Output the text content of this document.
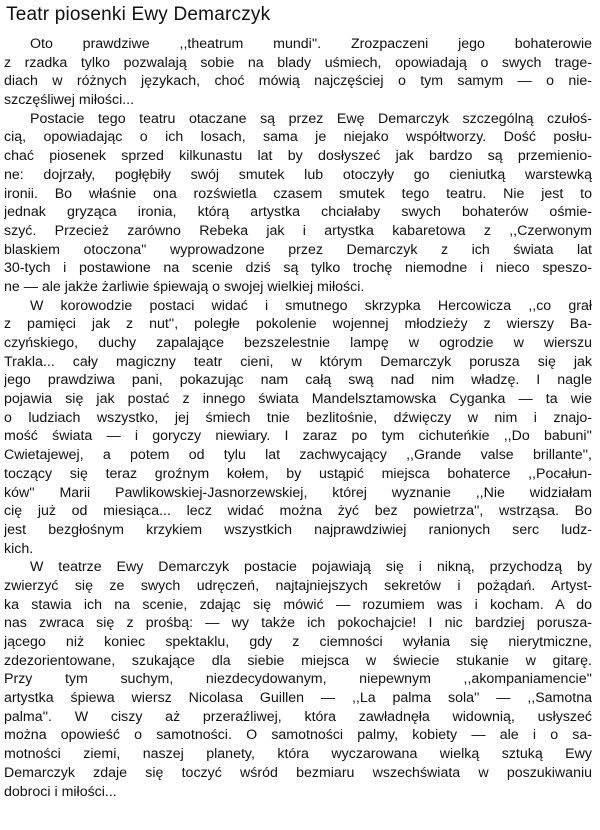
Teatr piosenki Ewy Demarczyk
Oto prawdziwe ,,theatrum mundi''. Zrozpaczeni jego bohaterowie
z rzadka tylko pozwalają sobie na blady uśmiech, opowiadają o swych trage-
diach w różnych językach, choć mówią najczęściej o tym samym — o nie-
szczęśliwej miłości...
Postacie tego teatru otaczane są przez Ewę Demarczyk szczególną czułoś-
cią, opowiadając o ich losach, sama je niejako współtworzy. Dość posłu-
chać piosenek sprzed kilkunastu lat by dosłyszeć jak bardzo są przemienio-
ne: dojrzały, pogłębiły swój smutek lub otoczyły go cieniutką warstewką
ironii. Bo właśnie ona rozświetla czasem smutek tego teatru. Nie jest to
jednak gryząca ironia, którą artystka chciałaby swych bohaterów ośmie-
szyć. Przecież zarówno Rebeka jak i artystka kabaretowa z ,,Czerwonym
blaskiem otoczona'' wyprowadzone przez Demarczyk z ich świata lat
30-tych i postawione na scenie dziś są tylko trochę niemodne i nieco speszo-
ne — ale jakże żarliwie śpiewają o swojej wielkiej miłości.
W korowodzie postaci widać i smutnego skrzypka Hercowicza ,,co grał
z pamięci jak z nut'', poległe pokolenie wojennej młodzieży z wierszy Ba-
czyńskiego, duchy zapalające bezszelestnie lampę w ogrodzie w wierszu
Trakla... cały magiczny teatr cieni, w którym Demarczyk porusza się jak
jego prawdziwa pani, pokazując nam całą swą nad nim władzę. I nagle
pojawia się jak postać z innego świata Mandelsztamowska Cyganka — ta wie
o ludziach wszystko, jej śmiech tnie bezlitośnie, dźwięczy w nim i znajo-
mość świata — i goryczy niewiary. I zaraz po tym cichuteńkie ,,Do babuni''
Cwietajewej, a potem od tylu lat zachwycający ,,Grande valse brillante'',
toczący się teraz groźnym kołem, by ustąpić miejsca bohaterce ,,Pocałun-
ków'' Marii Pawlikowskiej-Jasnorzewskiej, której wyznanie ,,Nie widziałam
cię już od miesiąca... lecz widać można żyć bez powietrza'', wstrząsa. Bo
jest bezgłośnym krzykiem wszystkich najprawdziwiej ranionych serc ludz-
kich.
W teatrze Ewy Demarczyk postacie pojawiają się i nikną, przychodzą by
zwierzyć się ze swych udręczeń, najtajniejszych sekretów i pożądań. Artyst-
ka stawia ich na scenie, zdając się mówić — rozumiem was i kocham. A do
nas zwraca się z prośbą: — wy także ich pokochajcie! I nic bardziej porusza-
jącego niż koniec spektaklu, gdy z ciemności wyłania się nierytmiczne,
zdezorientowane, szukające dla siebie miejsca w świecie stukanie w gitarę.
Przy tym suchym, niezdecydowanym, niepewnym ,,akompaniamencie''
artystka śpiewa wiersz Nicolasa Guillen — ,,La palma sola'' — ,,Samotna
palma''. W ciszy aż przeraźliwej, która zawładnęła widownią, usłyszeć
można opowieść o samotności. O samotności palmy, kobiety — ale i o sa-
motności ziemi, naszej planety, która wyczarowana wielką sztuką Ewy
Demarczyk zdaje się toczyć wśród bezmiaru wszechświata w poszukiwaniu
dobroci i miłości...
